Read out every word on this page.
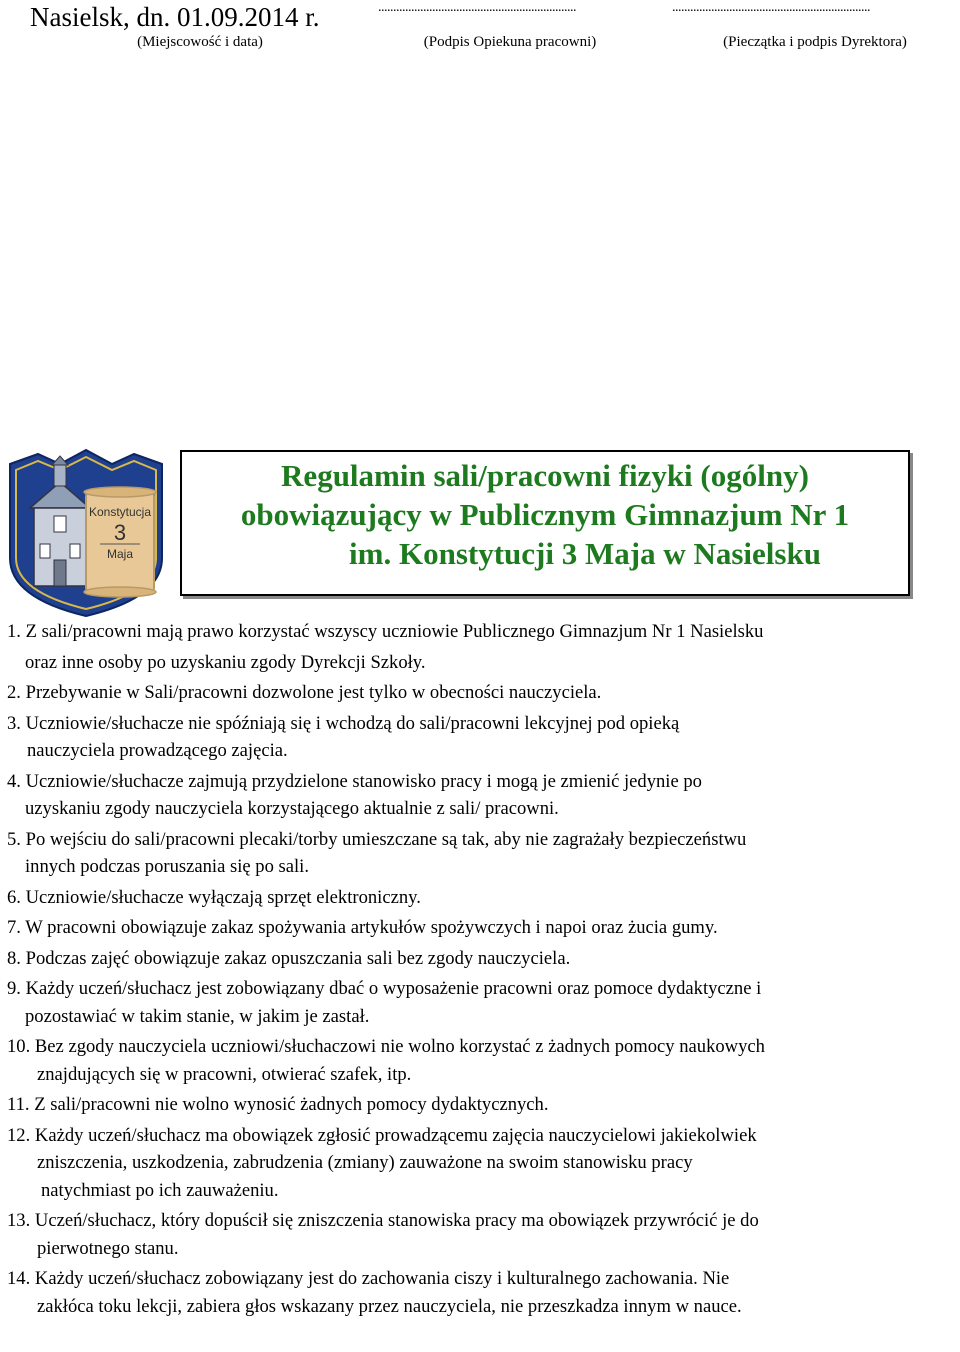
Nasielsk, dn. 01.09.2014 r.	..................................................................	..................................................................
(Miejscowość i data)	(Podpis Opiekuna pracowni)	(Pieczątka i podpis Dyrektora)
Konstytucja
3
Maja
Regulamin sali/pracowni fizyki (ogólny)
obowiązujący w Publicznym Gimnazjum Nr 1
im. Konstytucji 3 Maja w Nasielsku
1. Z sali/pracowni mają prawo korzystać wszyscy uczniowie Publicznego Gimnazjum Nr 1 Nasielsku
oraz inne osoby po uzyskaniu zgody Dyrekcji Szkoły.
2. Przebywanie w Sali/pracowni dozwolone jest tylko w obecności nauczyciela.
3. Uczniowie/słuchacze nie spóźniają się i wchodzą do sali/pracowni lekcyjnej pod opieką
nauczyciela prowadzącego zajęcia.
4. Uczniowie/słuchacze zajmują przydzielone stanowisko pracy i mogą je zmienić jedynie po
uzyskaniu zgody nauczyciela korzystającego aktualnie z sali/ pracowni.
5. Po wejściu do sali/pracowni plecaki/torby umieszczane są tak, aby nie zagrażały bezpieczeństwu
innych podczas poruszania się po sali.
6. Uczniowie/słuchacze wyłączają sprzęt elektroniczny.
7. W pracowni obowiązuje zakaz spożywania artykułów spożywczych i napoi oraz żucia gumy.
8. Podczas zajęć obowiązuje zakaz opuszczania sali bez zgody nauczyciela.
9. Każdy uczeń/słuchacz jest zobowiązany dbać o wyposażenie pracowni oraz pomoce dydaktyczne i
pozostawiać w takim stanie, w jakim je zastał.
10. Bez zgody nauczyciela uczniowi/słuchaczowi nie wolno korzystać z żadnych pomocy naukowych
znajdujących się w pracowni, otwierać szafek, itp.
11. Z sali/pracowni nie wolno wynosić żadnych pomocy dydaktycznych.
12. Każdy uczeń/słuchacz ma obowiązek zgłosić prowadzącemu zajęcia nauczycielowi jakiekolwiek
zniszczenia, uszkodzenia, zabrudzenia (zmiany) zauważone na swoim stanowisku pracy
natychmiast po ich zauważeniu.
13. Uczeń/słuchacz, który dopuścił się zniszczenia stanowiska pracy ma obowiązek przywrócić je do
pierwotnego stanu.
14. Każdy uczeń/słuchacz zobowiązany jest do zachowania ciszy i kulturalnego zachowania. Nie
zakłóca toku lekcji, zabiera głos wskazany przez nauczyciela, nie przeszkadza innym w nauce.
